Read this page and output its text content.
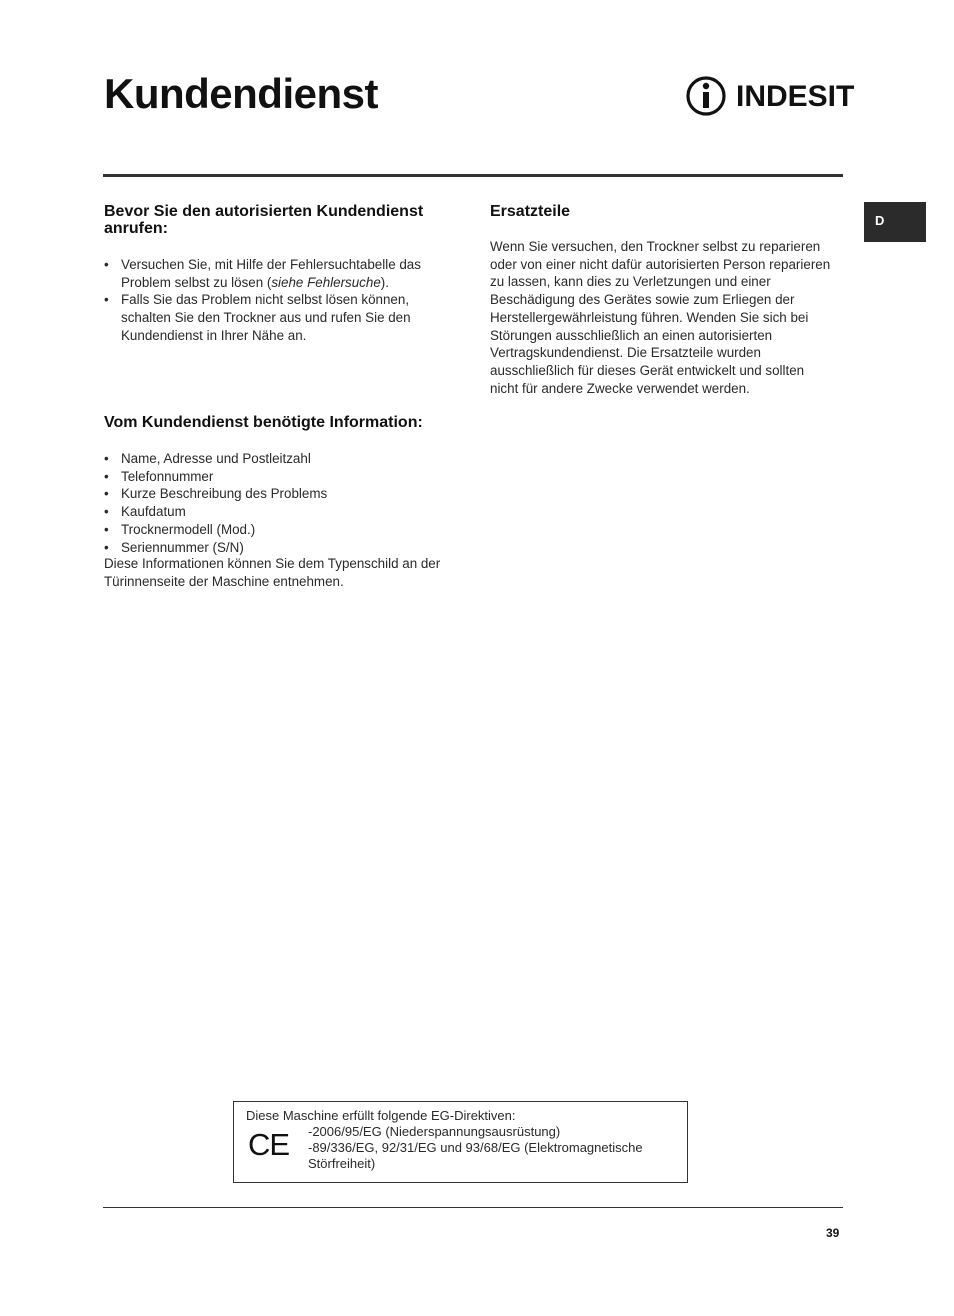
Kundendienst	INDESIT
D
Bevor Sie den autorisierten Kundendienst anrufen:
• Versuchen Sie, mit Hilfe der Fehlersuchtabelle das Problem selbst zu lösen (siehe Fehlersuche).
• Falls Sie das Problem nicht selbst lösen können, schalten Sie den Trockner aus und rufen Sie den Kundendienst in Ihrer Nähe an.
Vom Kundendienst benötigte Information:
• Name, Adresse und Postleitzahl
• Telefonnummer
• Kurze Beschreibung des Problems
• Kaufdatum
• Trocknermodell (Mod.)
• Seriennummer (S/N)
Diese Informationen können Sie dem Typenschild an der Türinnenseite der Maschine entnehmen.
Ersatzteile
Wenn Sie versuchen, den Trockner selbst zu reparieren oder von einer nicht dafür autorisierten Person reparieren zu lassen, kann dies zu Verletzungen und einer Beschädigung des Gerätes sowie zum Erliegen der Herstellergewährleistung führen. Wenden Sie sich bei Störungen ausschließlich an einen autorisierten Vertragskundendienst. Die Ersatzteile wurden ausschließlich für dieses Gerät entwickelt und sollten nicht für andere Zwecke verwendet werden.
Diese Maschine erfüllt folgende EG-Direktiven:
CE -2006/95/EG (Niederspannungsausrüstung)
-89/336/EG, 92/31/EG und 93/68/EG (Elektromagnetische Störfreiheit)
39
